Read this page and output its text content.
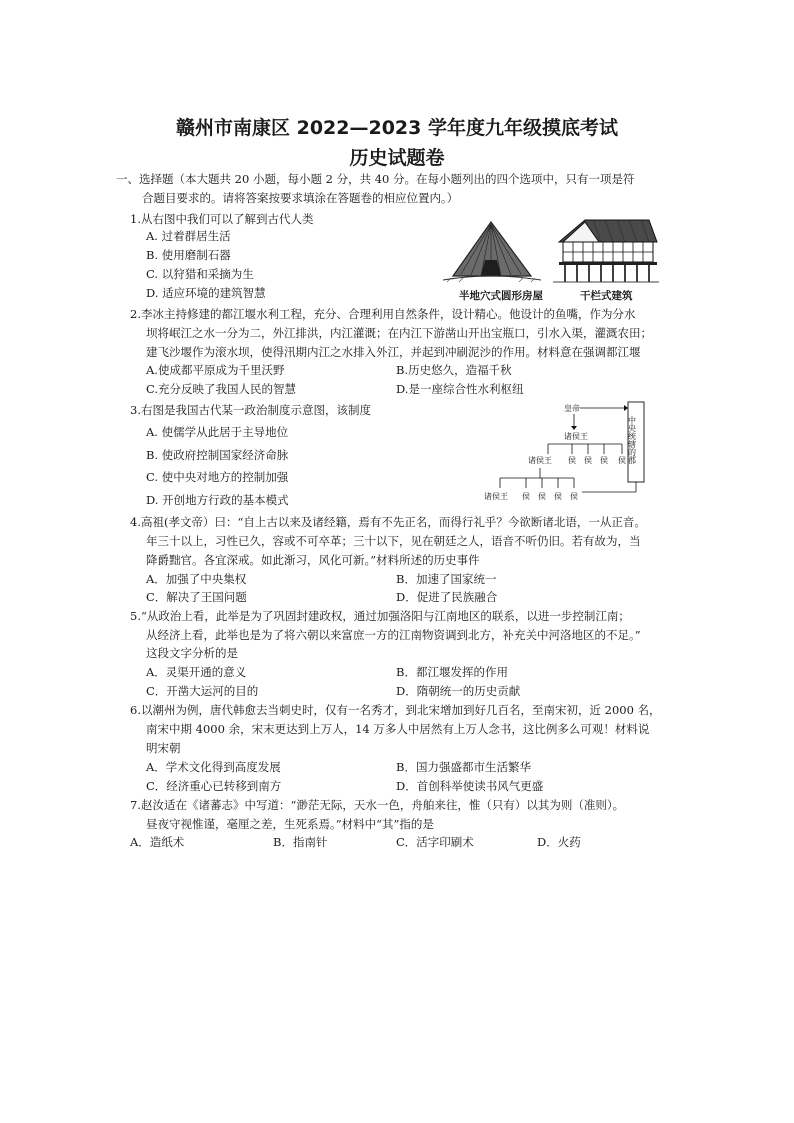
赣州市南康区 2022—2023 学年度九年级摸底考试
历史试题卷
一、选择题（本大题共 20 小题，每小题 2 分，共 40 分。在每小题列出的四个选项中，只有一项是符
合题目要求的。请将答案按要求填涂在答题卷的相应位置内。）
1.从右图中我们可以了解到古代人类
A. 过着群居生活
B. 使用磨制石器
C. 以狩猎和采摘为生
D. 适应环境的建筑智慧	半地穴式圆形房屋	干栏式建筑
2.李冰主持修建的都江堰水利工程，充分、合理利用自然条件，设计精心。他设计的鱼嘴，作为分水
坝将岷江之水一分为二，外江排洪，内江灌溉；在内江下游凿山开出宝瓶口，引水入渠，灌溉农田；
建飞沙堰作为滚水坝，使得汛期内江之水排入外江，并起到冲刷泥沙的作用。材料意在强调都江堰
A.使成都平原成为千里沃野	B.历史悠久，造福千秋
C.充分反映了我国人民的智慧	D.是一座综合性水利枢纽
3.右图是我国古代某一政治制度示意图，该制度
A. 使儒学从此居于主导地位
B. 使政府控制国家经济命脉
C. 使中央对地方的控制加强
D. 开创地方行政的基本模式
皇帝
诸侯王
诸侯王 侯 侯 侯 侯
诸侯王 侯 侯 侯 侯
中央统辖的郡
4.高祖(孝文帝）曰：“自上古以来及诸经籍，焉有不先正名，而得行礼乎？今欲断诸北语，一从正音。
年三十以上，习性已久，容或不可卒革；三十以下，见在朝廷之人，语音不听仍旧。若有故为，当
降爵黜官。各宜深戒。如此渐习，风化可新。”材料所述的历史事件
A．加强了中央集权	B．加速了国家统一
C．解决了王国问题	D．促进了民族融合
5.“从政治上看，此举是为了巩固封建政权，通过加强洛阳与江南地区的联系，以进一步控制江南；
从经济上看，此举也是为了将六朝以来富庶一方的江南物资调到北方，补充关中河洛地区的不足。”
这段文字分析的是
A．灵渠开通的意义	B．都江堰发挥的作用
C．开凿大运河的目的	D．隋朝统一的历史贡献
6.以潮州为例，唐代韩愈去当刺史时，仅有一名秀才，到北宋增加到好几百名，至南宋初，近 2000 名，
南宋中期 4000 余，宋末更达到上万人，14 万多人中居然有上万人念书，这比例多么可观！材料说
明宋朝
A．学术文化得到高度发展	B．国力强盛都市生活繁华
C．经济重心已转移到南方	D．首创科举使读书风气更盛
7.赵汝适在《诸蕃志》中写道：“渺茫无际，天水一色，舟舶来往，惟（只有）以其为则（准则）。
昼夜守视惟谨，毫厘之差，生死系焉。”材料中“其”指的是
A．造纸术	B．指南针	C．活字印刷术	D．火药
